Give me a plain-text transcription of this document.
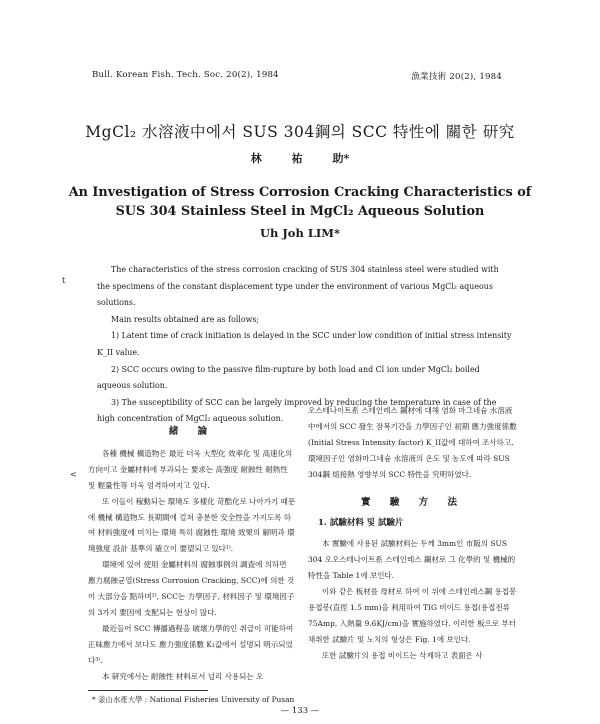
Bull. Korean Fish. Tech. Soc. 20(2), 1984	漁業技術 20(2), 1984
MgCl₂ 水溶液中에서 SUS 304鋼의 SCC 特性에 關한 研究
林 祐 助*
An Investigation of Stress Corrosion Cracking Characteristics of
SUS 304 Stainless Steel in MgCl₂ Aqueous Solution
Uh Joh LIM*
t

The characteristics of the stress corrosion cracking of SUS 304 stainless steel were studied with the specimens of the constant displacement type under the environment of various MgCl₂ aqueous solutions.

Main results obtained are as follows;

1) Latent time of crack initiation is delayed in the SCC under low condition of initial stress intensity K_II value.

2) SCC occurs owing to the passive film-rupture by both load and Cl ion under MgCl₂ boiled aqueous solution.

3) The susceptibility of SCC can be largely improved by reducing the temperature in case of the high concentration of MgCl₂ aqueous solution.

<
緒 論

各種 機械 構造物은 最近 더욱 大型化 效率化 및 高速化의 方向이고 金屬材料에 부과되는 要求는 高強度 耐蝕性 耐熱性 및 輕量性等 더욱 엄격하여지고 있다.

또 이들이 稼動되는 環境도 多樣化 苛酷化로 나아가기 때문에 機械 構造物도 長期間에 걸쳐 충분한 安全性을 가지도록 하여 材料強度에 미치는 環境 특히 腐蝕性 環境 效果의 解明과 環境強度 設計 基準의 確立이 要望되고 있다¹⁾.

環境에 있어 使用 金屬材料의 腐蝕事例의 調査에 의하면 應力腐蝕균열(Stress Corrosion Cracking, SCC)에 의한 것이 大部分을 點하며²⁾, SCC는 力學因子, 材料因子 및 環境因子의 3가지 要因에 支配되는 현상이 많다.

最近들어 SCC 傳播過程을 破壞力學的인 취급이 可能하여 正味應力에서 보다도 應力強度係數 K₁값에서 설명되 明示되었다³⁾.

本 研究에서는 耐蝕性 材料로서 널리 사용되는 오

오스테나이트系 스테인레스 鋼材에 대해 염화 마그네슘 水溶液 中에서의 SCC 發生 잠복기간을 力學因子인 初期 應力強度係數(Initial Stress Intensity factor) K_II값에 대하여 조사하고, 環境因子인 염화마그네슘 水溶液의 온도 및 농도에 따라 SUS 304鋼 熔接熱 영향부의 SCC 特性을 究明하였다.

實 驗 方 法
1. 試驗材料 및 試驗片

本 實驗에 사용된 試驗材料는 두께 3mm인 市販의 SUS 304 오오스테나이트系 스테인레스 鋼材로 그 化學的 및 機械的 特性을 Table 1에 보인다.

이와 같은 板材를 母材로 하여 이 위에 스테인레스鋼 용접봉 용접봉(直徑 1.5 mm)을 利用하여 TIG 비이드 용접(용접전류 75Amp, 入熱量 9.6KJ/cm)을 實施하였다. 이러한 板으로 부터 채취한 試驗片 및 노치의 형상은 Fig. 1에 보인다.

또한 試驗片의 용접 비이드는 삭제하고 表面은 사

* 釜山水產大學 : National Fisheries University of Pusan
— 133 —
